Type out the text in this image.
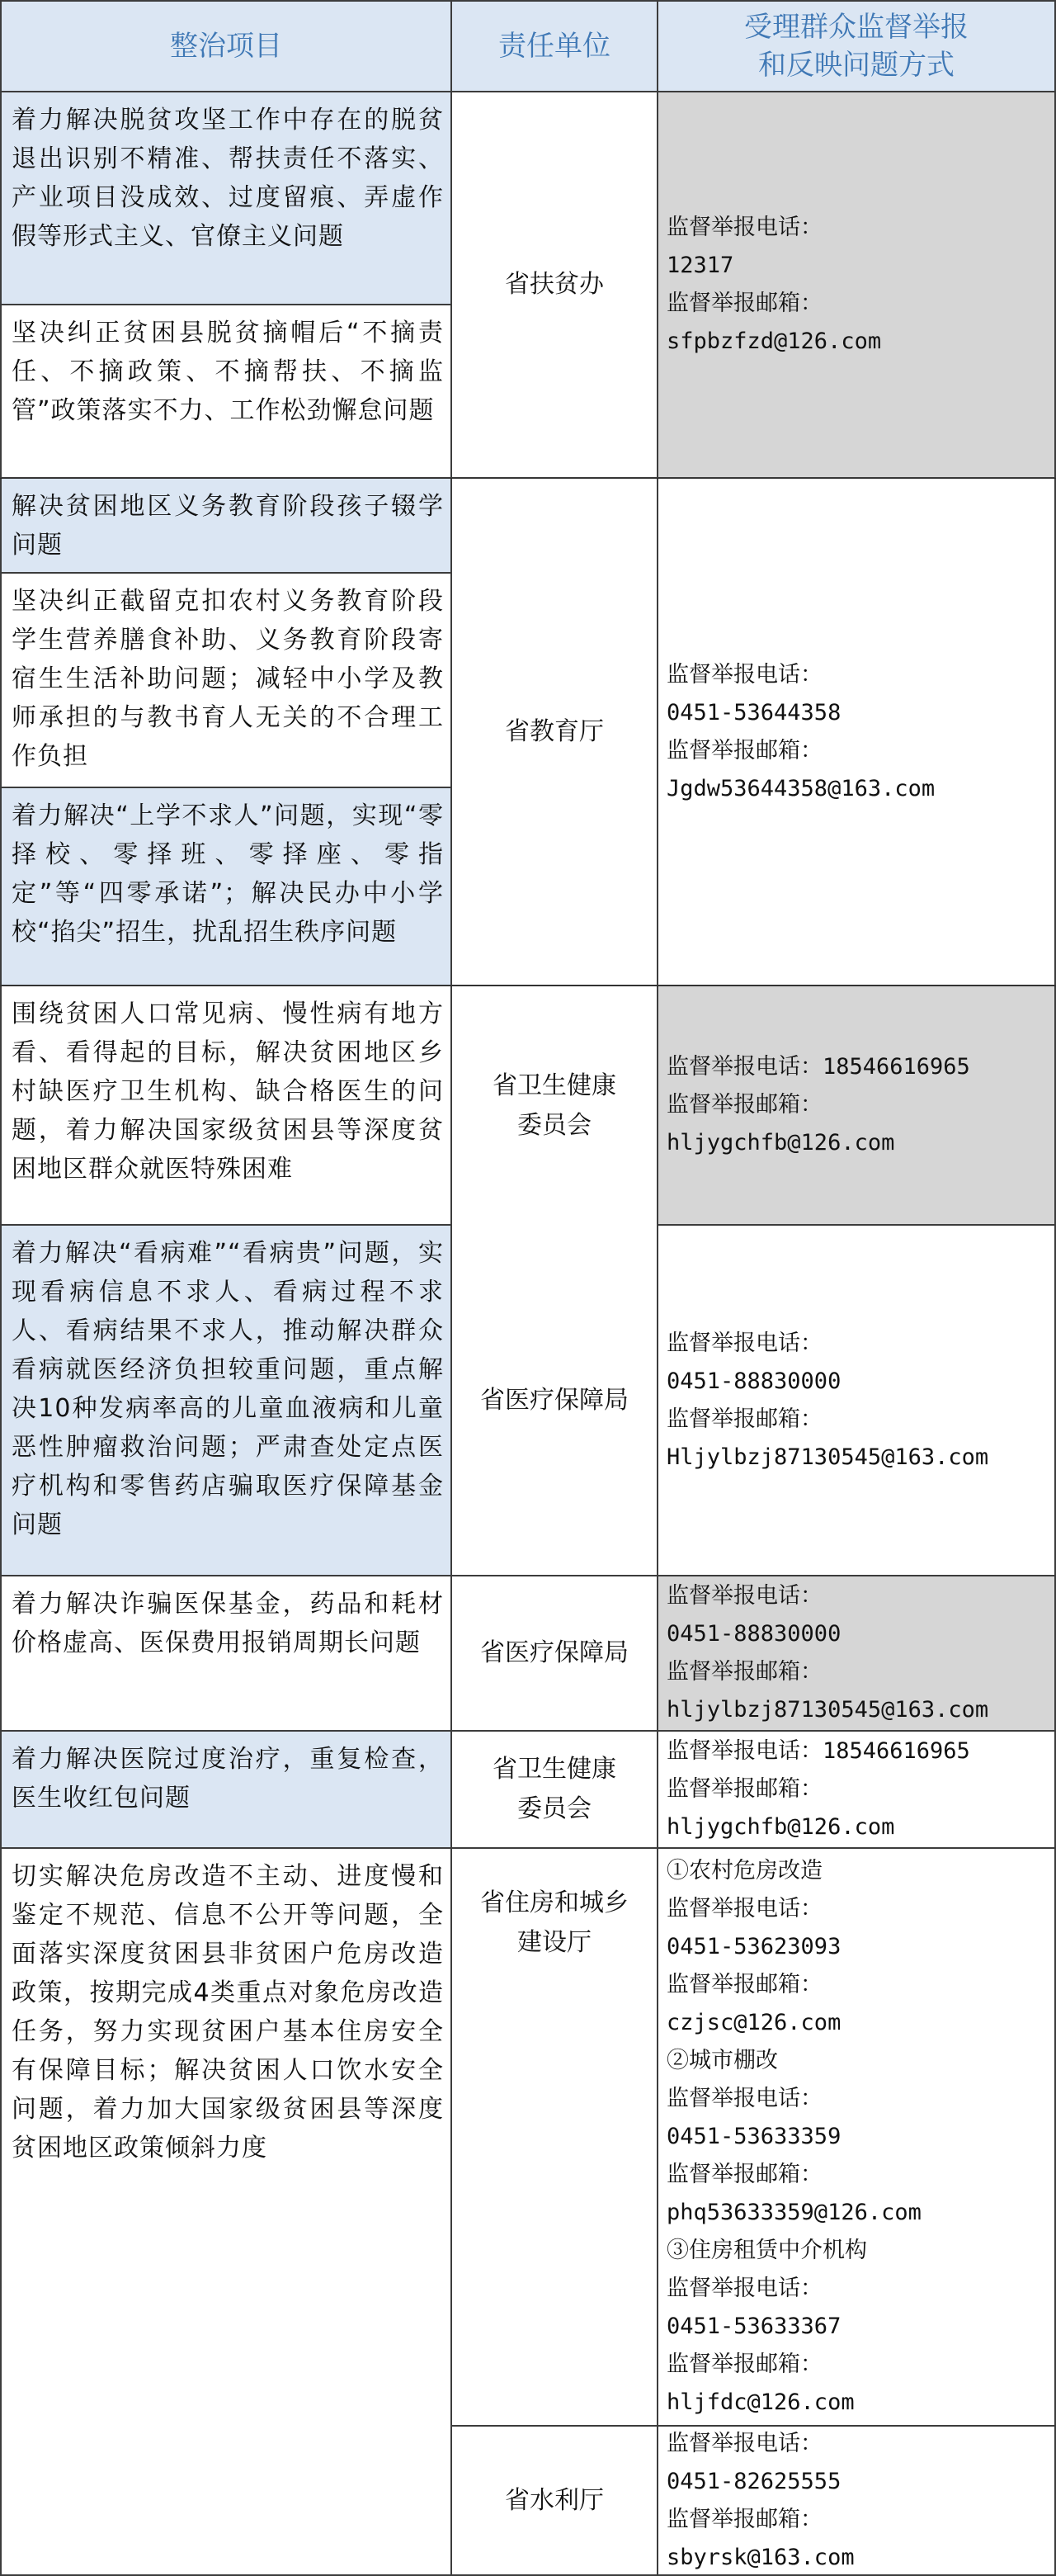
整治项目	责任单位
受理群众监督举报
和反映问题方式
着力解决脱贫攻坚工作中存在的脱贫退出识别不精准、帮扶责任不落实、产业项目没成效、过度留痕、弄虚作假等形式主义、官僚主义问题
坚决纠正贫困县脱贫摘帽后“不摘责任、不摘政策、不摘帮扶、不摘监管”政策落实不力、工作松劲懈怠问题
省扶贫办
监督举报电话：
12317
监督举报邮箱：
sfpbzfzd@126.com
解决贫困地区义务教育阶段孩子辍学问题
坚决纠正截留克扣农村义务教育阶段学生营养膳食补助、义务教育阶段寄宿生生活补助问题；减轻中小学及教师承担的与教书育人无关的不合理工作负担
着力解决“上学不求人”问题，实现“零择校、零择班、零择座、零指定”等“四零承诺”；解决民办中小学校“掐尖”招生，扰乱招生秩序问题
省教育厅
监督举报电话：
0451-53644358
监督举报邮箱：
Jgdw53644358@163.com
围绕贫困人口常见病、慢性病有地方看、看得起的目标，解决贫困地区乡村缺医疗卫生机构、缺合格医生的问题，着力解决国家级贫困县等深度贫困地区群众就医特殊困难
着力解决“看病难”“看病贵”问题，实现看病信息不求人、看病过程不求人、看病结果不求人，推动解决群众看病就医经济负担较重问题，重点解决10种发病率高的儿童血液病和儿童恶性肿瘤救治问题；严肃查处定点医疗机构和零售药店骗取医疗保障基金问题
省卫生健康委员会
省医疗保障局
监督举报电话：18546616965
监督举报邮箱：
hljygchfb@126.com
监督举报电话：
0451-88830000
监督举报邮箱：
Hljylbzj87130545@163.com
着力解决诈骗医保基金，药品和耗材价格虚高、医保费用报销周期长问题	省医疗保障局
监督举报电话：
0451-88830000
监督举报邮箱：
hljylbzj87130545@163.com
着力解决医院过度治疗，重复检查，医生收红包问题
省卫生健康委员会
监督举报电话：18546616965
监督举报邮箱：
hljygchfb@126.com
切实解决危房改造不主动、进度慢和鉴定不规范、信息不公开等问题，全面落实深度贫困县非贫困户危房改造政策，按期完成4类重点对象危房改造任务，努力实现贫困户基本住房安全有保障目标；解决贫困人口饮水安全问题，着力加大国家级贫困县等深度贫困地区政策倾斜力度
省住房和城乡建设厅
省水利厅
①农村危房改造
监督举报电话：
0451-53623093
监督举报邮箱：
czjsc@126.com
②城市棚改
监督举报电话：
0451-53633359
监督举报邮箱：
phq53633359@126.com
③住房租赁中介机构
监督举报电话：
0451-53633367
监督举报邮箱：
hljfdc@126.com
监督举报电话：
0451-82625555
监督举报邮箱：
sbyrsk@163.com
